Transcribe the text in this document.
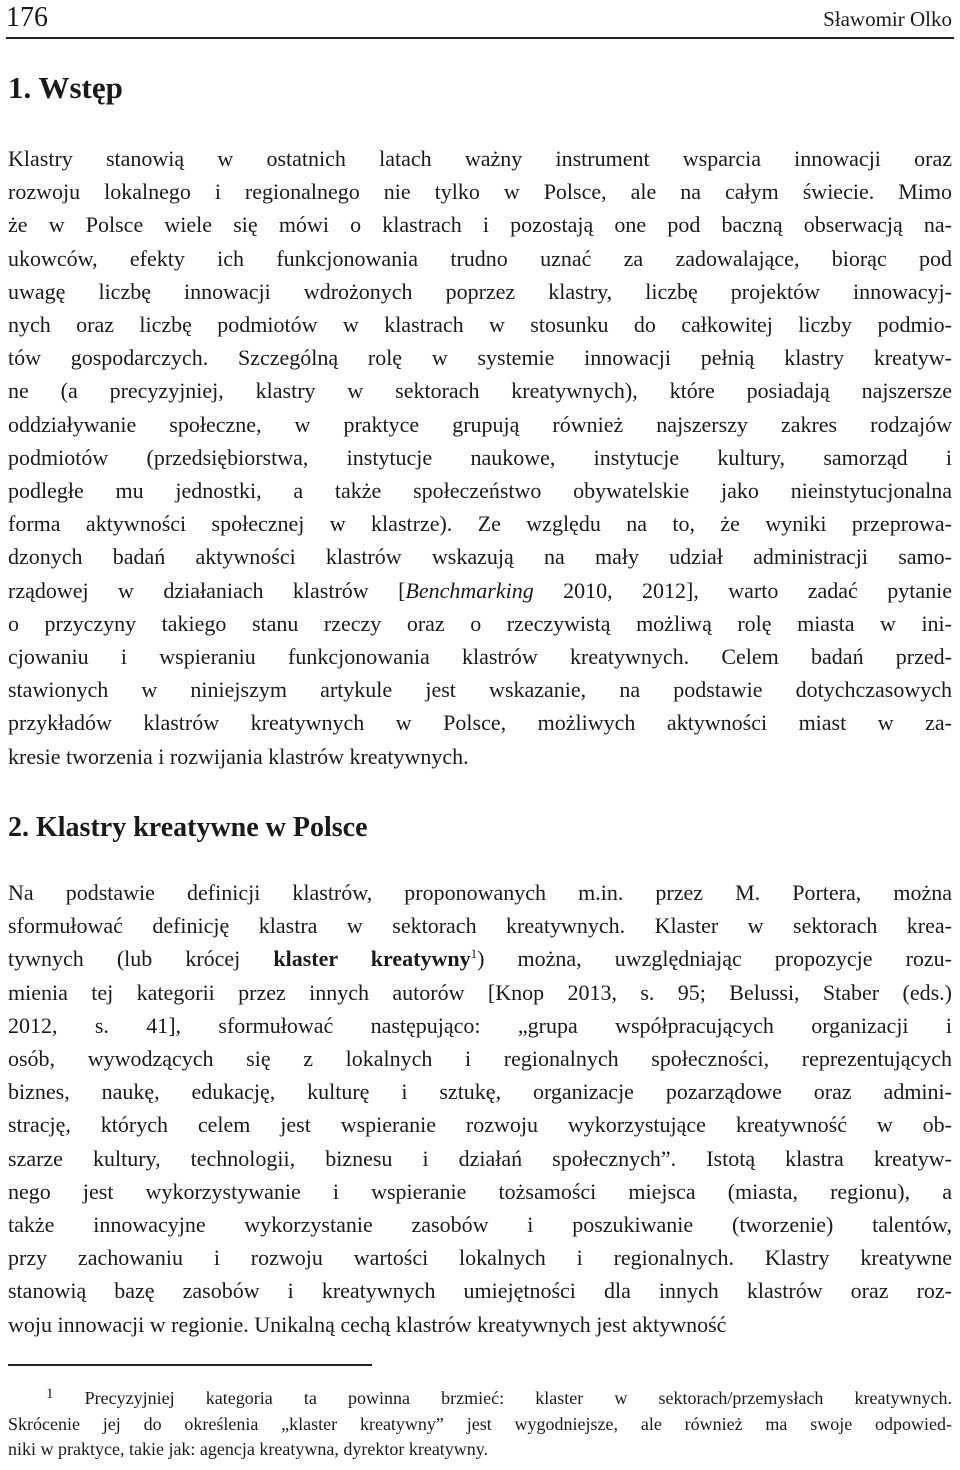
176	Sławomir Olko
1. Wstęp
Klastry stanowią w ostatnich latach ważny instrument wsparcia innowacji oraz
rozwoju lokalnego i regionalnego nie tylko w Polsce, ale na całym świecie. Mimo
że w Polsce wiele się mówi o klastrach i pozostają one pod baczną obserwacją na-
ukowców, efekty ich funkcjonowania trudno uznać za zadowalające, biorąc pod
uwagę liczbę innowacji wdrożonych poprzez klastry, liczbę projektów innowacyj-
nych oraz liczbę podmiotów w klastrach w stosunku do całkowitej liczby podmio-
tów gospodarczych. Szczególną rolę w systemie innowacji pełnią klastry kreatyw-
ne (a precyzyjniej, klastry w sektorach kreatywnych), które posiadają najszersze
oddziaływanie społeczne, w praktyce grupują również najszerszy zakres rodzajów
podmiotów (przedsiębiorstwa, instytucje naukowe, instytucje kultury, samorząd i
podległe mu jednostki, a także społeczeństwo obywatelskie jako nieinstytucjonalna
forma aktywności społecznej w klastrze). Ze względu na to, że wyniki przeprowa-
dzonych badań aktywności klastrów wskazują na mały udział administracji samo-
rządowej w działaniach klastrów [Benchmarking 2010, 2012], warto zadać pytanie
o przyczyny takiego stanu rzeczy oraz o rzeczywistą możliwą rolę miasta w ini-
cjowaniu i wspieraniu funkcjonowania klastrów kreatywnych. Celem badań przed-
stawionych w niniejszym artykule jest wskazanie, na podstawie dotychczasowych
przykładów klastrów kreatywnych w Polsce, możliwych aktywności miast w za-
kresie tworzenia i rozwijania klastrów kreatywnych.
2. Klastry kreatywne w Polsce
Na podstawie definicji klastrów, proponowanych m.in. przez M. Portera, można
sformułować definicję klastra w sektorach kreatywnych. Klaster w sektorach krea-
tywnych (lub krócej klaster kreatywny$^1$) można, uwzględniając propozycje rozu-
mienia tej kategorii przez innych autorów [Knop 2013, s. 95; Belussi, Staber (eds.)
2012, s. 41], sformułować następująco: „grupa współpracujących organizacji i
osób, wywodzących się z lokalnych i regionalnych społeczności, reprezentujących
biznes, naukę, edukację, kulturę i sztukę, organizacje pozarządowe oraz admini-
strację, których celem jest wspieranie rozwoju wykorzystujące kreatywność w ob-
szarze kultury, technologii, biznesu i działań społecznych”. Istotą klastra kreatyw-
nego jest wykorzystywanie i wspieranie tożsamości miejsca (miasta, regionu), a
także innowacyjne wykorzystanie zasobów i poszukiwanie (tworzenie) talentów,
przy zachowaniu i rozwoju wartości lokalnych i regionalnych. Klastry kreatywne
stanowią bazę zasobów i kreatywnych umiejętności dla innych klastrów oraz roz-
woju innowacji w regionie. Unikalną cechą klastrów kreatywnych jest aktywność
$^1$ Precyzyjniej kategoria ta powinna brzmieć: klaster w sektorach/przemysłach kreatywnych.
Skrócenie jej do określenia „klaster kreatywny” jest wygodniejsze, ale również ma swoje odpowied-
niki w praktyce, takie jak: agencja kreatywna, dyrektor kreatywny.
